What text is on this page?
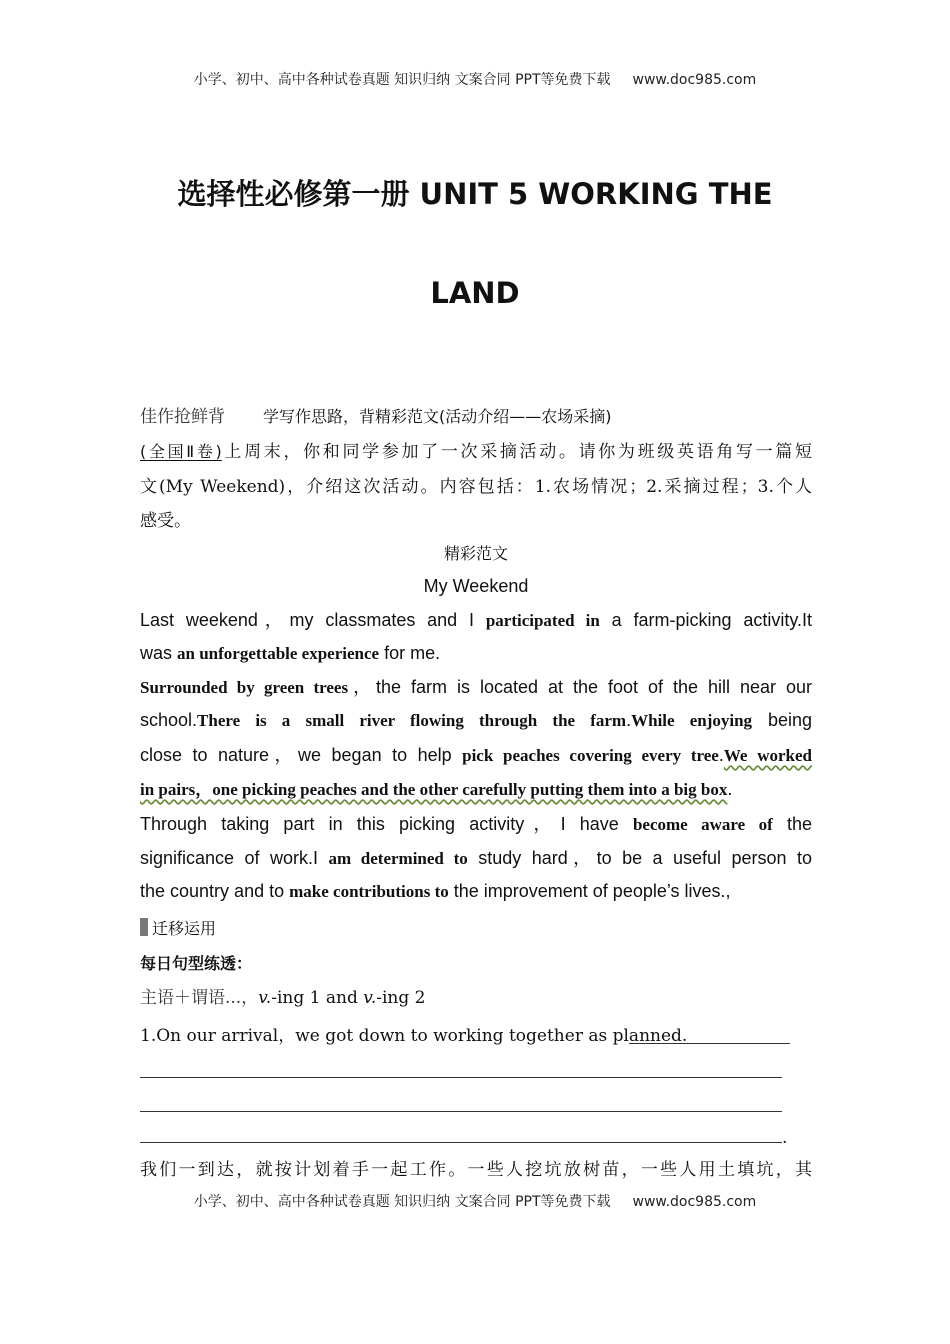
小学、初中、高中各种试卷真题 知识归纳 文案合同 PPT等免费下载 www.doc985.com
选择性必修第一册 UNIT 5 WORKING THE
LAND
佳作抢鲜背 学写作思路，背精彩范文(活动介绍——农场采摘)
(全国Ⅱ卷)上周末，你和同学参加了一次采摘活动。请你为班级英语角写一篇短
文(My Weekend)，介绍这次活动。内容包括：1.农场情况；2.采摘过程；3.个人
感受。
精彩范文
My Weekend
Last weekend，my classmates and I participated in a farm-picking activity.It
was an unforgettable experience for me.
Surrounded by green trees，the farm is located at the foot of the hill near our
school.There is a small river flowing through the farm.While enjoying being
close to nature，we began to help pick peaches covering every tree.We worked
in pairs，one picking peaches and the other carefully putting them into a big box.
Through taking part in this picking activity，I have become aware of the
significance of work.I am determined to study hard，to be a useful person to
the country and to make contributions to the improvement of people’s lives.,
迁移运用
每日句型练透：
主语＋谓语...，v.-ing 1 and v.-ing 2
1.On our arrival，we got down to working together as planned.
.
我们一到达，就按计划着手一起工作。一些人挖坑放树苗，一些人用土填坑，其
小学、初中、高中各种试卷真题 知识归纳 文案合同 PPT等免费下载 www.doc985.com
